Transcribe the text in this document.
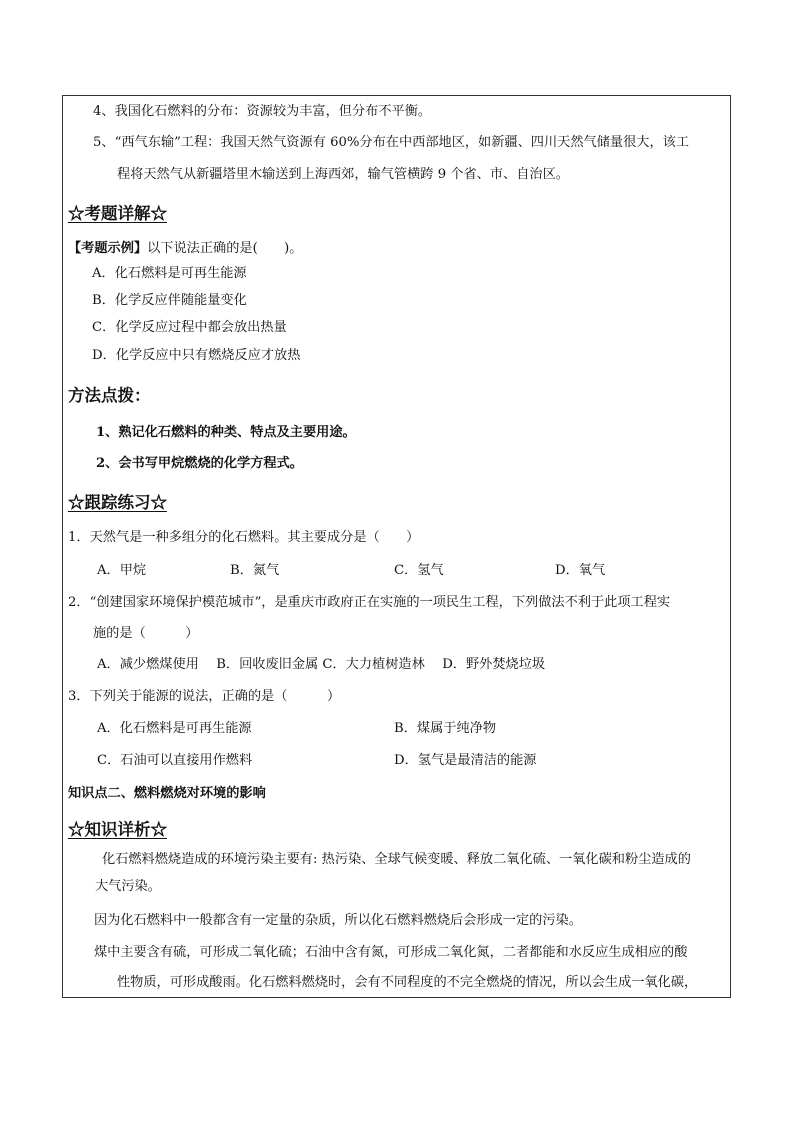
4、我国化石燃料的分布：资源较为丰富，但分布不平衡。
5、“西气东输”工程：我国天然气资源有 60%分布在中西部地区，如新疆、四川天然气储量很大，该工
程将天然气从新疆塔里木输送到上海西郊，输气管横跨 9 个省、市、自治区。
☆考题详解☆
【考题示例】以下说法正确的是(　　)。
A．化石燃料是可再生能源
B．化学反应伴随能量变化
C．化学反应过程中都会放出热量
D．化学反应中只有燃烧反应才放热
方法点拨：
1、熟记化石燃料的种类、特点及主要用途。
2、会书写甲烷燃烧的化学方程式。
☆跟踪练习☆
1．天然气是一种多组分的化石燃料。其主要成分是（　　）
A．甲烷	B．氮气	C．氢气	D．氧气
2．“创建国家环境保护模范城市”，是重庆市政府正在实施的一项民生工程，下列做法不利于此项工程实
施的是（　　　）
A．减少燃煤使用　 B．回收废旧金属 C．大力植树造林　 D．野外焚烧垃圾
3．下列关于能源的说法，正确的是（　　　）
A．化石燃料是可再生能源	B．煤属于纯净物
C．石油可以直接用作燃料	D．氢气是最清洁的能源
知识点二、燃料燃烧对环境的影响
☆知识详析☆
化石燃料燃烧造成的环境污染主要有: 热污染、全球气候变暖、释放二氧化硫、一氧化碳和粉尘造成的
大气污染。
因为化石燃料中一般都含有一定量的杂质，所以化石燃料燃烧后会形成一定的污染。
煤中主要含有硫，可形成二氧化硫；石油中含有氮，可形成二氧化氮，二者都能和水反应生成相应的酸
性物质，可形成酸雨。化石燃料燃烧时，会有不同程度的不完全燃烧的情况，所以会生成一氧化碳，
